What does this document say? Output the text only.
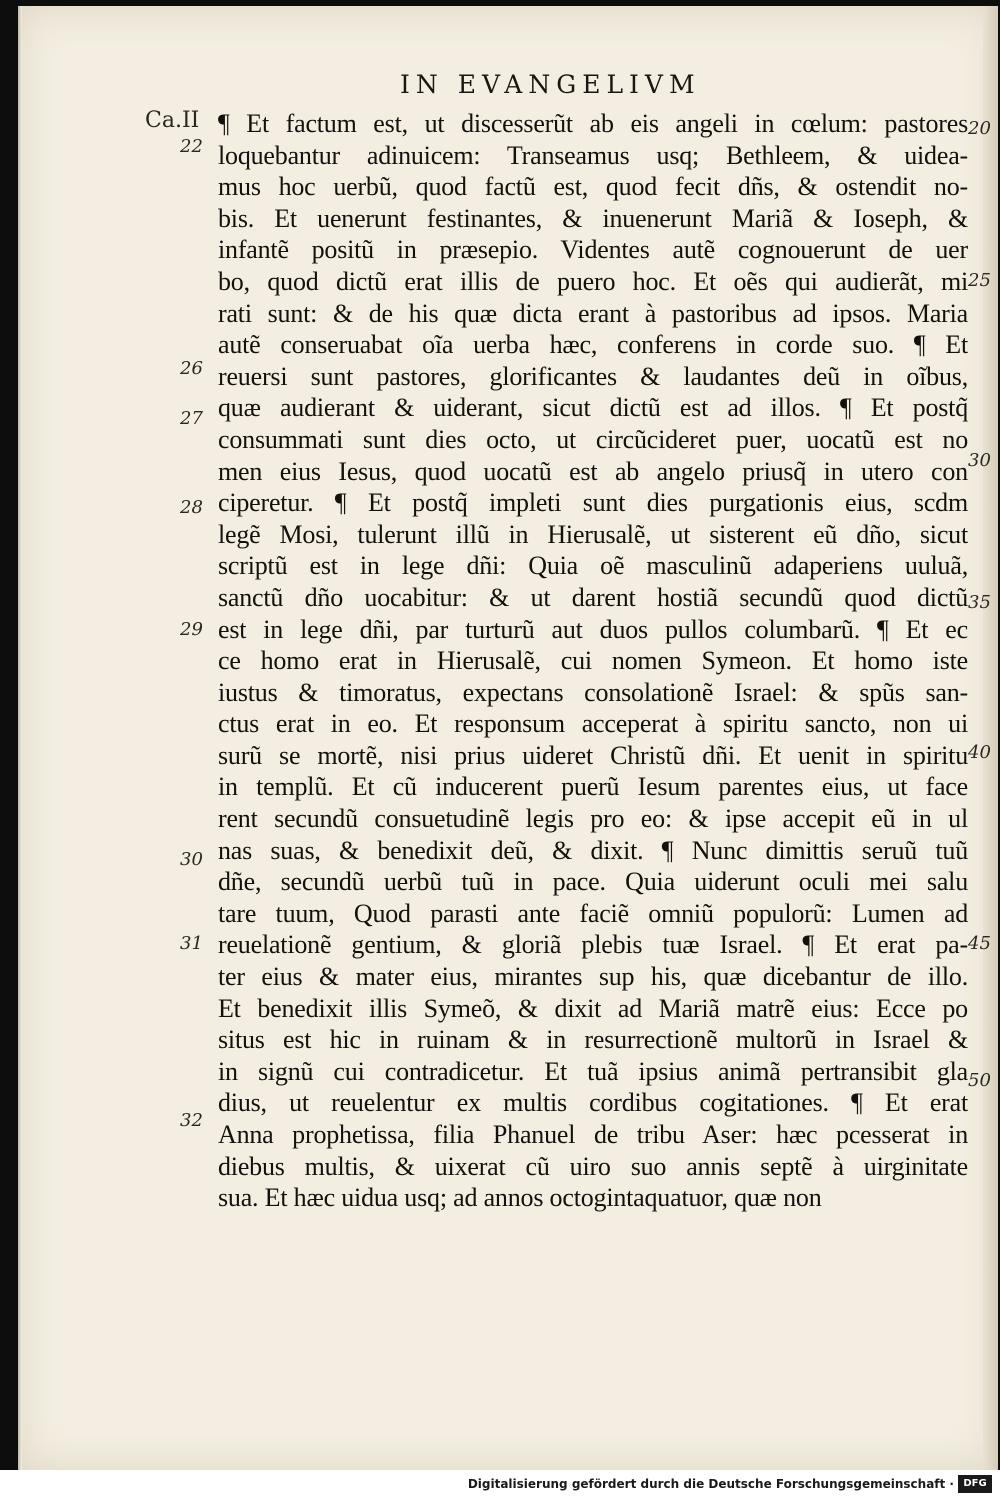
IN EVANGELIVM
Ca.II
22
26
27
28
29
30
31
32
20
25
30
35
40
45
50
¶ Et factum est, ut discesserũt ab eis angeli in cœlum: pastores
loquebantur adinuicem: Transeamus usq; Bethleem, & uidea-
mus hoc uerbũ, quod factũ est, quod fecit dñs, & ostendit no-
bis. Et uenerunt festinantes, & inuenerunt Mariã & Ioseph, &
infantẽ positũ in præsepio. Videntes autẽ cognouerunt de uer
bo, quod dictũ erat illis de puero hoc. Et oẽs qui audierãt, mi
rati sunt: & de his quæ dicta erant à pastoribus ad ipsos. Maria
autẽ conseruabat oĩa uerba hæc, conferens in corde suo. ¶ Et
reuersi sunt pastores, glorificantes & laudantes deũ in oĩbus,
quæ audierant & uiderant, sicut dictũ est ad illos. ¶ Et postq̃
consummati sunt dies octo, ut circũcideret puer, uocatũ est no
men eius Iesus, quod uocatũ est ab angelo priusq̃ in utero con
ciperetur. ¶ Et postq̃ impleti sunt dies purgationis eius, scdm
legẽ Mosi, tulerunt illũ in Hierusalẽ, ut sisterent eũ dño, sicut
scriptũ est in lege dñi: Quia oẽ masculinũ adaperiens uuluã,
sanctũ dño uocabitur: & ut darent hostiã secundũ quod dictũ
est in lege dñi, par turturũ aut duos pullos columbarũ. ¶ Et ec
ce homo erat in Hierusalẽ, cui nomen Symeon. Et homo iste
iustus & timoratus, expectans consolationẽ Israel: & spũs san-
ctus erat in eo. Et responsum acceperat à spiritu sancto, non ui
surũ se mortẽ, nisi prius uideret Christũ dñi. Et uenit in spiritu
in templũ. Et cũ inducerent puerũ Iesum parentes eius, ut face
rent secundũ consuetudinẽ legis pro eo: & ipse accepit eũ in ul
nas suas, & benedixit deũ, & dixit. ¶ Nunc dimittis seruũ tuũ
dñe, secundũ uerbũ tuũ in pace. Quia uiderunt oculi mei salu
tare tuum, Quod parasti ante faciẽ omniũ populorũ: Lumen ad
reuelationẽ gentium, & gloriã plebis tuæ Israel. ¶ Et erat pa-
ter eius & mater eius, mirantes sup his, quæ dicebantur de illo.
Et benedixit illis Symeõ, & dixit ad Mariã matrẽ eius: Ecce po
situs est hic in ruinam & in resurrectionẽ multorũ in Israel &
in signũ cui contradicetur. Et tuã ipsius animã pertransibit gla
dius, ut reuelentur ex multis cordibus cogitationes. ¶ Et erat
Anna prophetissa, filia Phanuel de tribu Aser: hæc pcesserat in
diebus multis, & uixerat cũ uiro suo annis septẽ à uirginitate
sua. Et hæc uidua usq; ad annos octogintaquatuor, quæ non
Digitalisierung gefördert durch die Deutsche Forschungsgemeinschaft · DFG
